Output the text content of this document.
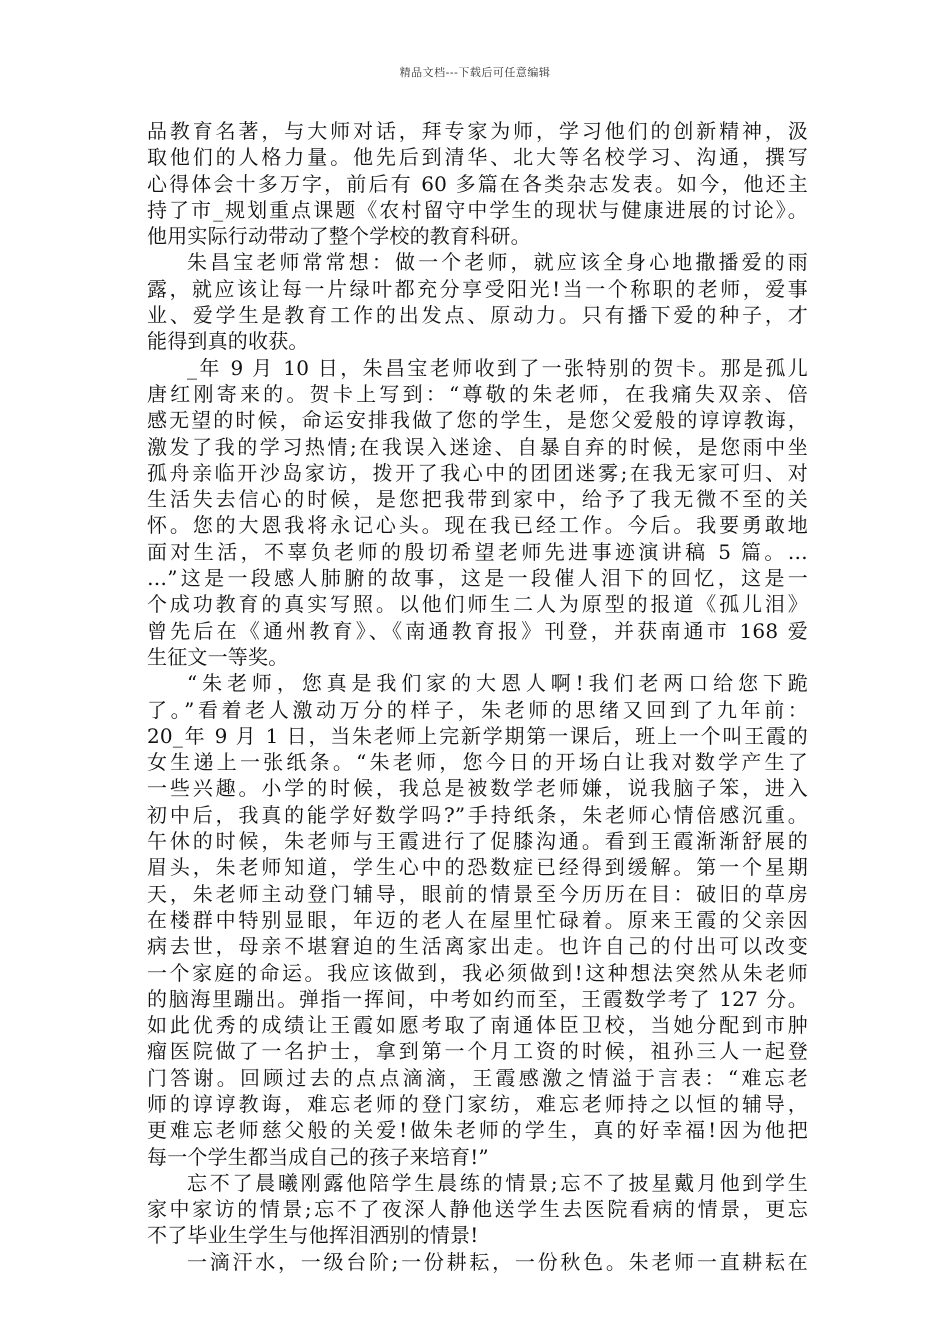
精品文档---下载后可任意编辑
品教育名著，与大师对话，拜专家为师，学习他们的创新精神，汲
取他们的人格力量。他先后到清华、北大等名校学习、沟通，撰写
心得体会十多万字，前后有 60 多篇在各类杂志发表。如今，他还主
持了市_规划重点课题《农村留守中学生的现状与健康进展的讨论》。
他用实际行动带动了整个学校的教育科研。
朱昌宝老师常常想：做一个老师，就应该全身心地撒播爱的雨
露，就应该让每一片绿叶都充分享受阳光!当一个称职的老师，爱事
业、爱学生是教育工作的出发点、原动力。只有播下爱的种子，才
能得到真的收获。
_年 9 月 10 日，朱昌宝老师收到了一张特别的贺卡。那是孤儿
唐红刚寄来的。贺卡上写到：“尊敬的朱老师，在我痛失双亲、倍
感无望的时候，命运安排我做了您的学生，是您父爱般的谆谆教诲，
激发了我的学习热情;在我误入迷途、自暴自弃的时候，是您雨中坐
孤舟亲临开沙岛家访，拨开了我心中的团团迷雾;在我无家可归、对
生活失去信心的时候，是您把我带到家中，给予了我无微不至的关
怀。您的大恩我将永记心头。现在我已经工作。今后。我要勇敢地
面对生活，不辜负老师的殷切希望老师先进事迹演讲稿 5 篇。…
…”这是一段感人肺腑的故事，这是一段催人泪下的回忆，这是一
个成功教育的真实写照。以他们师生二人为原型的报道《孤儿泪》
曾先后在《通州教育》、《南通教育报》刊登，并获南通市 168 爱
生征文一等奖。
“朱老师，您真是我们家的大恩人啊!我们老两口给您下跪
了。”看着老人激动万分的样子，朱老师的思绪又回到了九年前：
20_年 9 月 1 日，当朱老师上完新学期第一课后，班上一个叫王霞的
女生递上一张纸条。“朱老师，您今日的开场白让我对数学产生了
一些兴趣。小学的时候，我总是被数学老师嫌，说我脑子笨，进入
初中后，我真的能学好数学吗?”手持纸条，朱老师心情倍感沉重。
午休的时候，朱老师与王霞进行了促膝沟通。看到王霞渐渐舒展的
眉头，朱老师知道，学生心中的恐数症已经得到缓解。第一个星期
天，朱老师主动登门辅导，眼前的情景至今历历在目：破旧的草房
在楼群中特别显眼，年迈的老人在屋里忙碌着。原来王霞的父亲因
病去世，母亲不堪窘迫的生活离家出走。也许自己的付出可以改变
一个家庭的命运。我应该做到，我必须做到!这种想法突然从朱老师
的脑海里蹦出。弹指一挥间，中考如约而至，王霞数学考了 127 分。
如此优秀的成绩让王霞如愿考取了南通体臣卫校，当她分配到市肿
瘤医院做了一名护士，拿到第一个月工资的时候，祖孙三人一起登
门答谢。回顾过去的点点滴滴，王霞感激之情溢于言表：“难忘老
师的谆谆教诲，难忘老师的登门家纺，难忘老师持之以恒的辅导，
更难忘老师慈父般的关爱!做朱老师的学生，真的好幸福!因为他把
每一个学生都当成自己的孩子来培育!”
忘不了晨曦刚露他陪学生晨练的情景;忘不了披星戴月他到学生
家中家访的情景;忘不了夜深人静他送学生去医院看病的情景，更忘
不了毕业生学生与他挥泪洒别的情景!
一滴汗水，一级台阶;一份耕耘，一份秋色。朱老师一直耕耘在
